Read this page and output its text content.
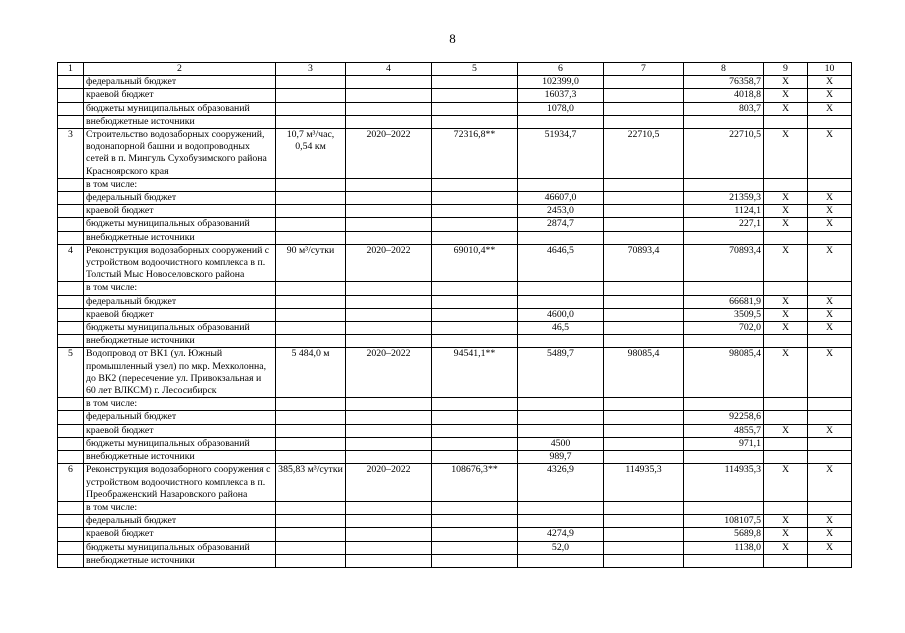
8
1	2	3	4	5	6	7	8	9	10
	федеральный бюджет				102399,0		76358,7	Х	Х
	краевой бюджет				16037,3		4018,8	Х	Х
	бюджеты муниципальных образований				1078,0		803,7	Х	Х
	внебюджетные источники								
3	Строительство водозаборных сооружений, водонапорной башни и водопроводных сетей в п. Мингуль Сухобузимского района Красноярского края	10,7 м³/час, 0,54 км	2020–2022	72316,8**	51934,7	22710,5	22710,5	Х	Х
	в том числе:								
	федеральный бюджет				46607,0		21359,3	Х	Х
	краевой бюджет				2453,0		1124,1	Х	Х
	бюджеты муниципальных образований				2874,7		227,1	Х	Х
	внебюджетные источники								
4	Реконструкция водозаборных сооружений с устройством водоочистного комплекса в п. Толстый Мыс Новоселовского района	90 м³/сутки	2020–2022	69010,4**	4646,5	70893,4	70893,4	Х	Х
	в том числе:								
	федеральный бюджет						66681,9	Х	Х
	краевой бюджет				4600,0		3509,5	Х	Х
	бюджеты муниципальных образований				46,5		702,0	Х	Х
	внебюджетные источники								
5	Водопровод от ВК1 (ул. Южный промышленный узел) по мкр. Мехколонна, до ВК2 (пересечение ул. Привокзальная и 60 лет ВЛКСМ) г. Лесосибирск	5 484,0 м	2020–2022	94541,1**	5489,7	98085,4	98085,4	Х	Х
	в том числе:								
	федеральный бюджет						92258,6		
	краевой бюджет						4855,7	Х	Х
	бюджеты муниципальных образований				4500		971,1		
	внебюджетные источники				989,7				
6	Реконструкция водозаборного сооружения с устройством водоочистного комплекса в п. Преображенский Назаровского района	385,83 м³/сутки	2020–2022	108676,3**	4326,9	114935,3	114935,3	Х	Х
	в том числе:								
	федеральный бюджет						108107,5	Х	Х
	краевой бюджет				4274,9		5689,8	Х	Х
	бюджеты муниципальных образований				52,0		1138,0	Х	Х
	внебюджетные источники								
